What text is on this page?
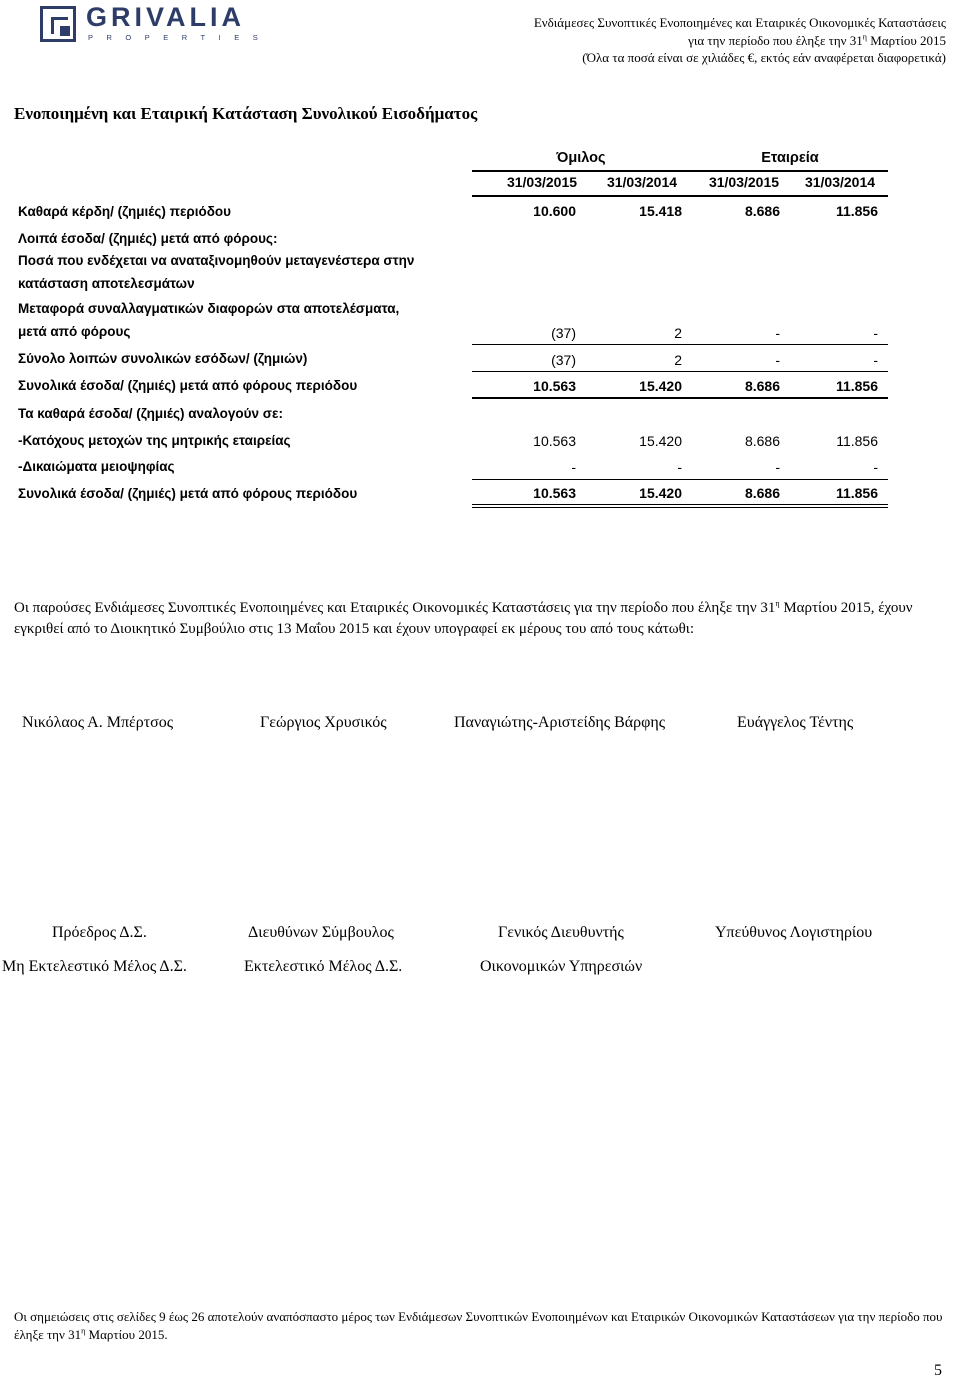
GRIVALIA
PROPERTIES
Ενδιάμεσες Συνοπτικές Ενοποιημένες και Εταιρικές Οικονομικές Καταστάσεις
για την περίοδο που έληξε την $31^\eta$ Μαρτίου 2015
(Όλα τα ποσά είναι σε χιλιάδες €, εκτός εάν αναφέρεται διαφορετικά)
Ενοποιημένη και Εταιρική Κατάσταση Συνολικού Εισοδήματος
Όμιλος	Εταιρεία
31/03/2015	31/03/2014	31/03/2015	31/03/2014
Καθαρά κέρδη/ (ζημιές) περιόδου	10.600	15.418	8.686	11.856
Λοιπά έσοδα/ (ζημιές) μετά από φόρους:
Ποσά που ενδέχεται να αναταξινομηθούν μεταγενέστερα στην
κατάσταση αποτελεσμάτων
Μεταφορά συναλλαγματικών διαφορών στα αποτελέσματα,
μετά από φόρους	(37)	2	-	-
Σύνολο λοιπών συνολικών εσόδων/ (ζημιών)	(37)	2	-	-
Συνολικά έσοδα/ (ζημιές) μετά από φόρους περιόδου	10.563	15.420	8.686	11.856
Τα καθαρά έσοδα/ (ζημιές) αναλογούν σε:
-Κατόχους μετοχών της μητρικής εταιρείας	10.563	15.420	8.686	11.856
-Δικαιώματα μειοψηφίας	-	-	-	-
Συνολικά έσοδα/ (ζημιές) μετά από φόρους περιόδου	10.563	15.420	8.686	11.856
Οι παρούσες Ενδιάμεσες Συνοπτικές Ενοποιημένες και Εταιρικές Οικονομικές Καταστάσεις για την περίοδο που έληξε την $31^\eta$ Μαρτίου 2015, έχουν εγκριθεί από το Διοικητικό Συμβούλιο στις 13 Μαΐου 2015 και έχουν υπογραφεί εκ μέρους του από τους κάτωθι:
Νικόλαος Α. Μπέρτσος	Γεώργιος Χρυσικός	Παναγιώτης-Αριστείδης Βάρφης	Ευάγγελος Τέντης
Πρόεδρος Δ.Σ.	Διευθύνων Σύμβουλος	Γενικός Διευθυντής	Υπεύθυνος Λογιστηρίου
Μη Εκτελεστικό Μέλος Δ.Σ.	Εκτελεστικό Μέλος Δ.Σ.	Οικονομικών Υπηρεσιών
Οι σημειώσεις στις σελίδες 9 έως 26 αποτελούν αναπόσπαστο μέρος των Ενδιάμεσων Συνοπτικών Ενοποιημένων και Εταιρικών Οικονομικών Καταστάσεων για την περίοδο που έληξε την $31^\eta$ Μαρτίου 2015.
5
